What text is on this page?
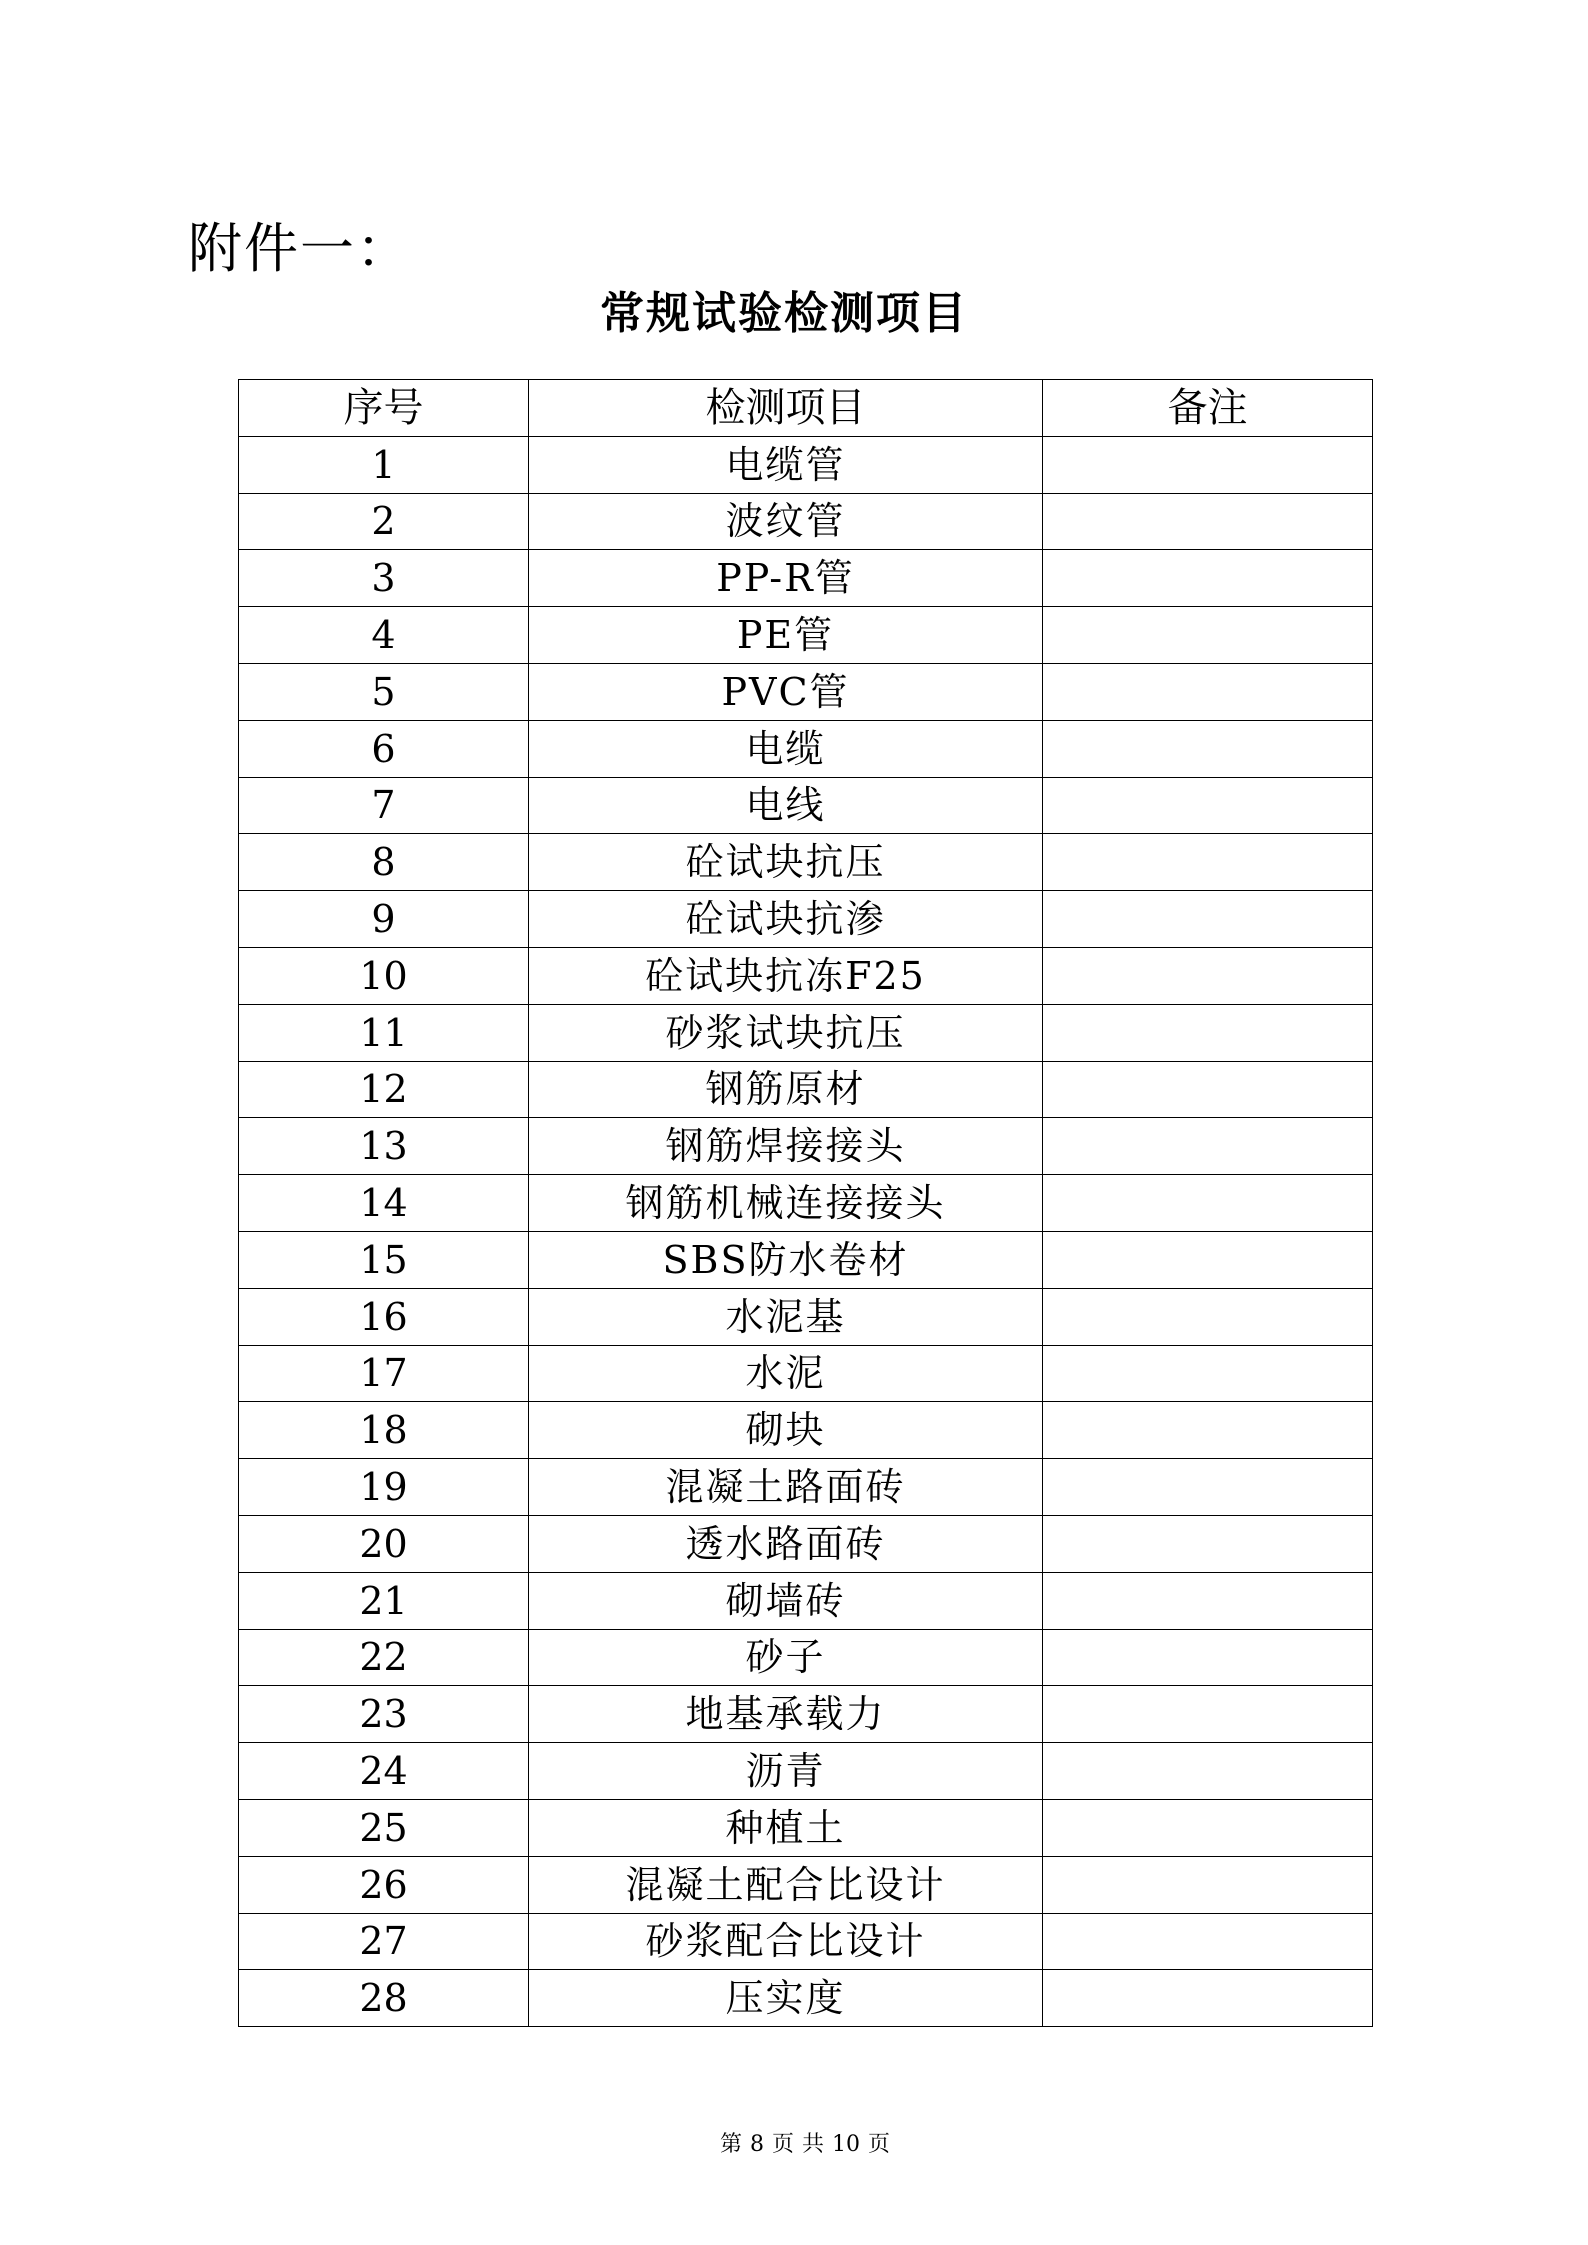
附件一：
常规试验检测项目
序号	检测项目	备注
1	电缆管	
2	波纹管	
3	PP-R管	
4	PE管	
5	PVC管	
6	电缆	
7	电线	
8	砼试块抗压	
9	砼试块抗渗	
10	砼试块抗冻F25	
11	砂浆试块抗压	
12	钢筋原材	
13	钢筋焊接接头	
14	钢筋机械连接接头	
15	SBS防水卷材	
16	水泥基	
17	水泥	
18	砌块	
19	混凝土路面砖	
20	透水路面砖	
21	砌墙砖	
22	砂子	
23	地基承载力	
24	沥青	
25	种植土	
26	混凝土配合比设计	
27	砂浆配合比设计	
28	压实度	
第 8 页 共 10 页
